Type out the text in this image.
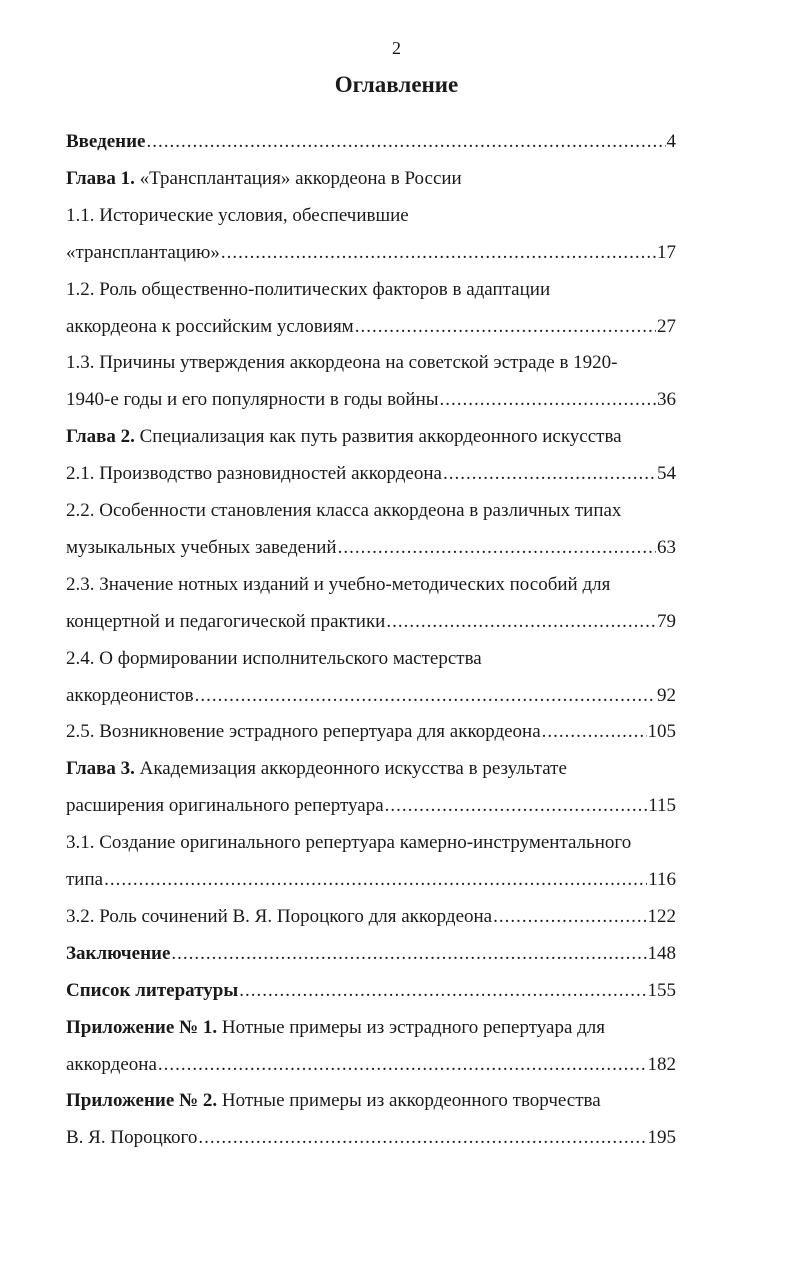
2
Оглавление
Введение .....	4
Глава 1. «Трансплантация» аккордеона в России
1.1. Исторические условия, обеспечившие
«трансплантацию» .....	17
1.2. Роль общественно-политических факторов в адаптации
аккордеона к российским условиям .....	27
1.3. Причины утверждения аккордеона на советской эстраде в 1920-
1940-е годы и его популярности в годы войны .....	36
Глава 2. Специализация как путь развития аккордеонного искусства
2.1. Производство разновидностей аккордеона .....	54
2.2. Особенности становления класса аккордеона в различных типах
музыкальных учебных заведений .....	63
2.3. Значение нотных изданий и учебно-методических пособий для
концертной и педагогической практики .....	79
2.4. О формировании исполнительского мастерства
аккордеонистов .....	92
2.5. Возникновение эстрадного репертуара для аккордеона .....	105
Глава 3. Академизация аккордеонного искусства в результате
расширения оригинального репертуара .....	115
3.1. Создание оригинального репертуара камерно-инструментального
типа .....	116
3.2. Роль сочинений В. Я. Пороцкого для аккордеона .....	122
Заключение .....	148
Список литературы .....	155
Приложение № 1. Нотные примеры из эстрадного репертуара для
аккордеона .....	182
Приложение № 2. Нотные примеры из аккордеонного творчества
В. Я. Пороцкого .....	195
